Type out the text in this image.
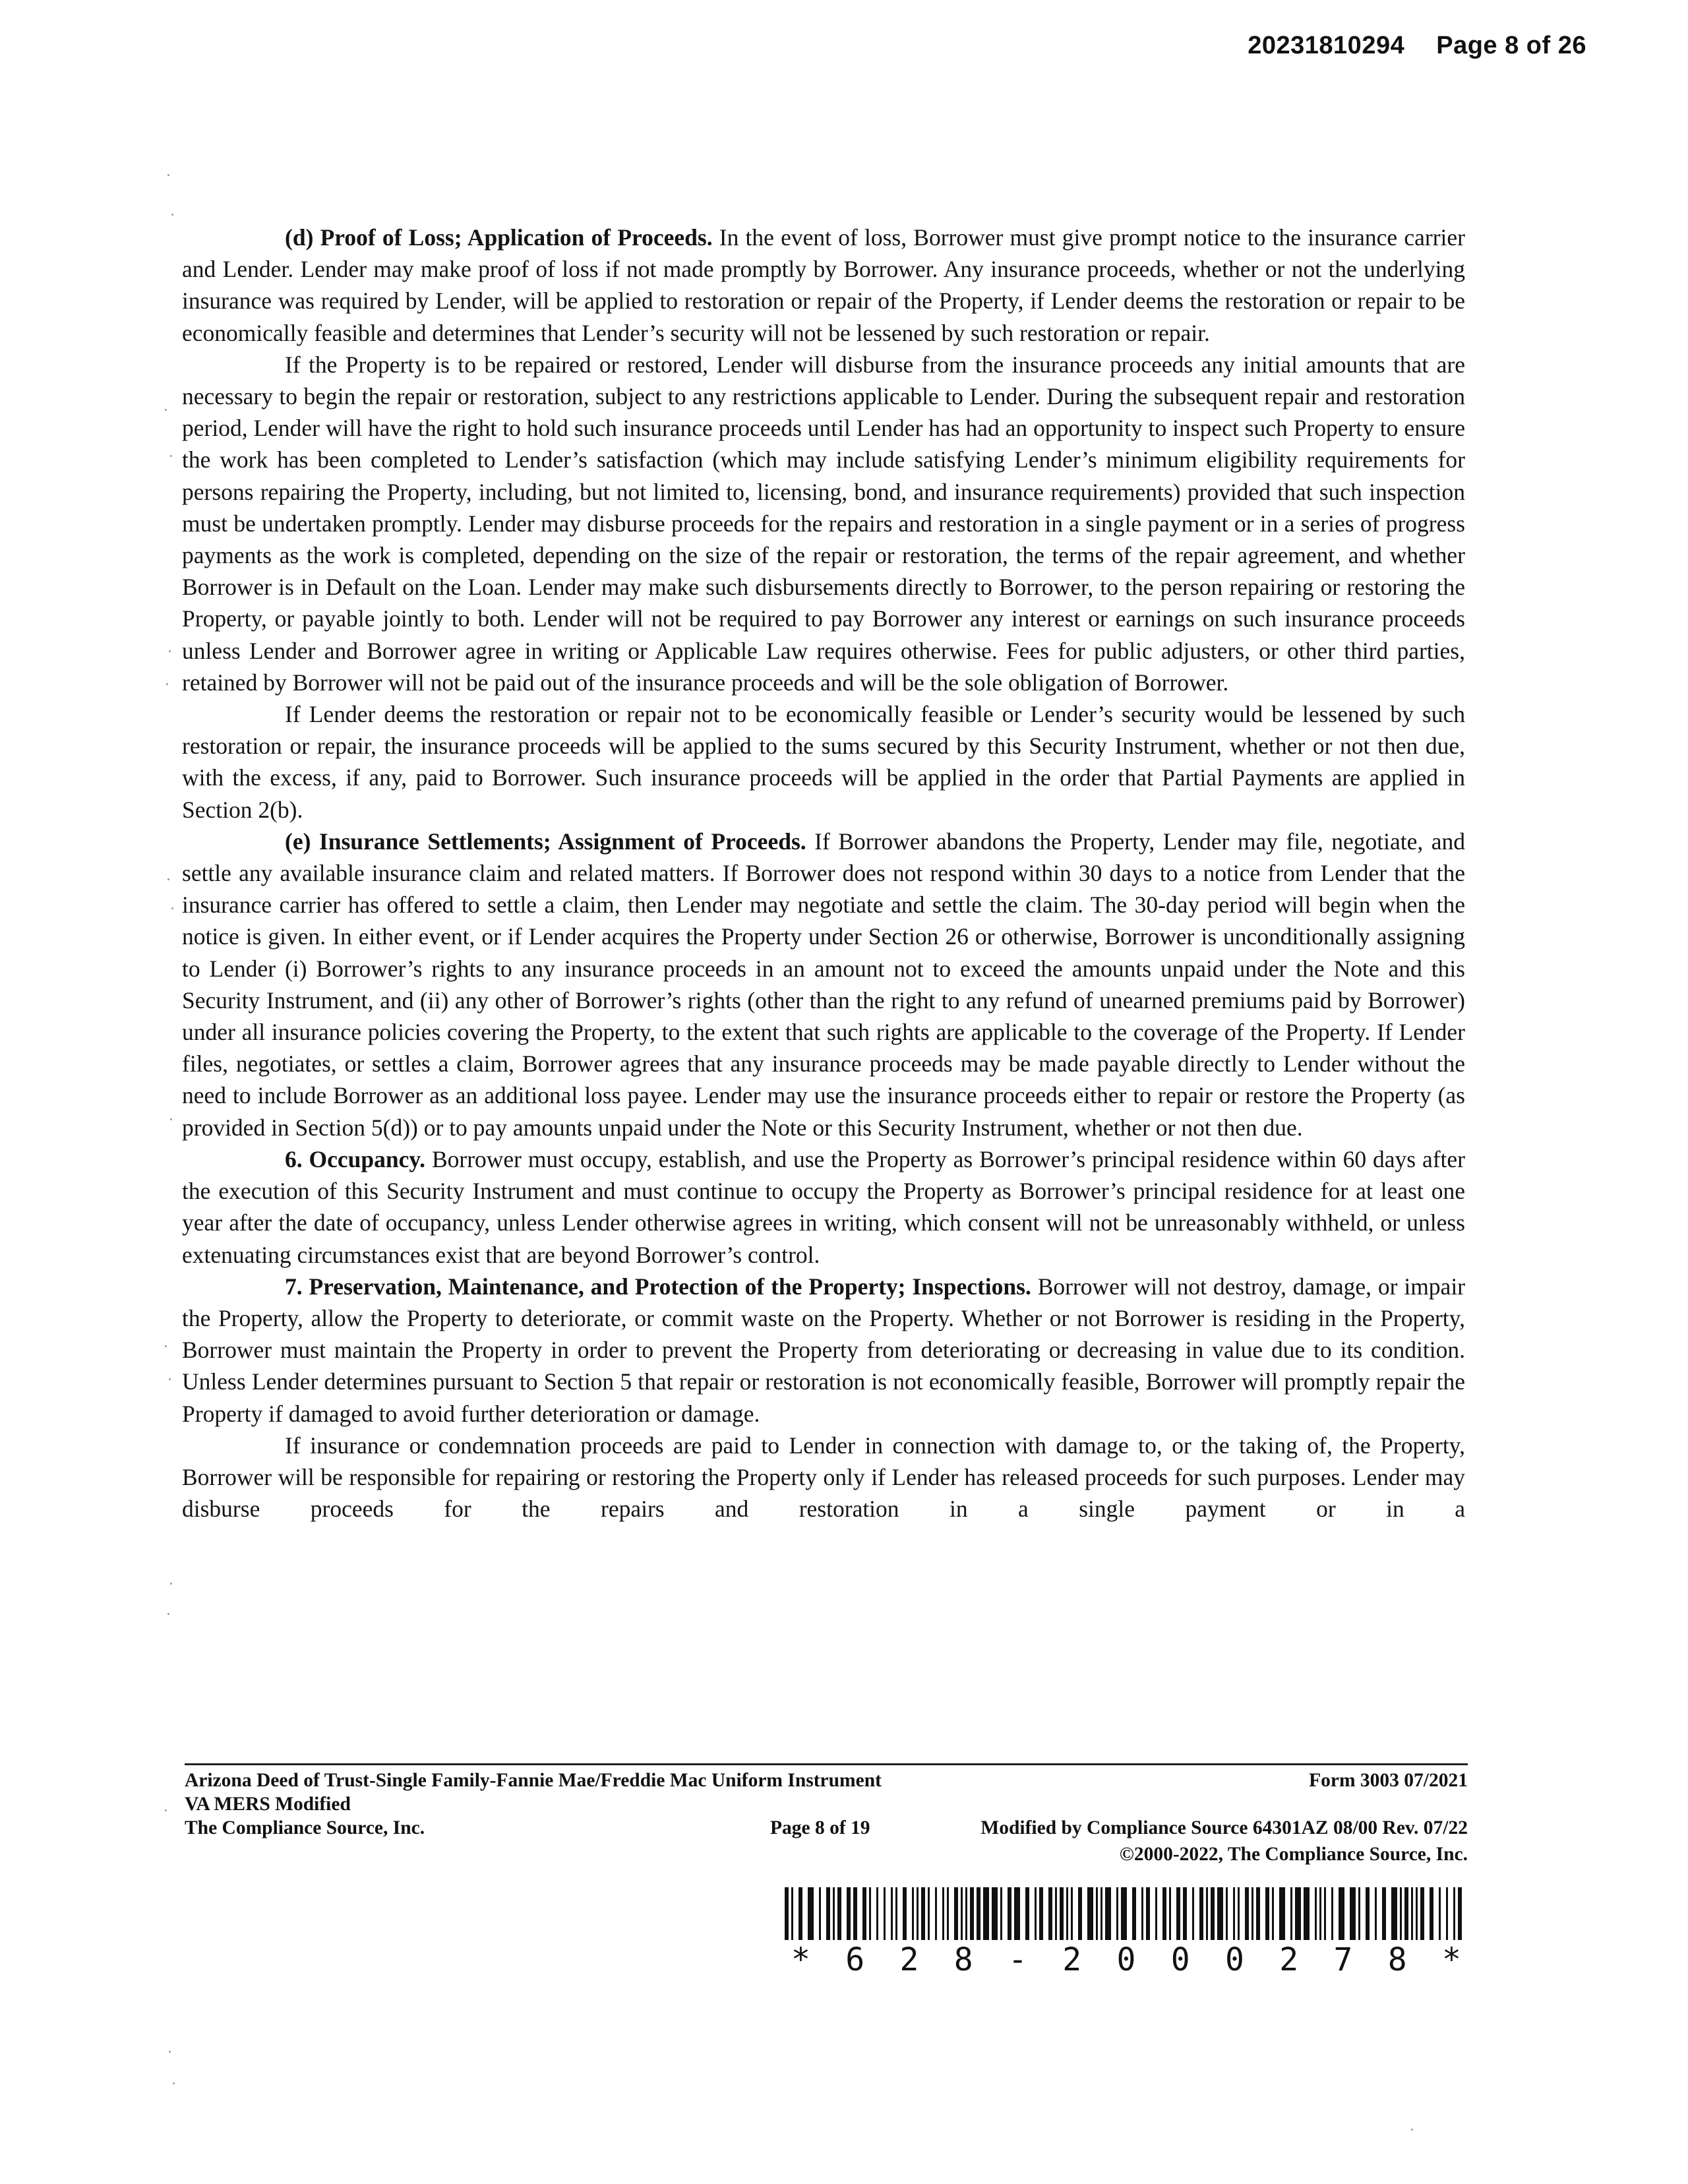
20231810294 Page 8 of 26

(d) Proof of Loss; Application of Proceeds. In the event of loss, Borrower must give prompt notice to the insurance carrier and Lender. Lender may make proof of loss if not made promptly by Borrower. Any insurance proceeds, whether or not the underlying insurance was required by Lender, will be applied to restoration or repair of the Property, if Lender deems the restoration or repair to be economically feasible and determines that Lender’s security will not be lessened by such restoration or repair.

If the Property is to be repaired or restored, Lender will disburse from the insurance proceeds any initial amounts that are necessary to begin the repair or restoration, subject to any restrictions applicable to Lender. During the subsequent repair and restoration period, Lender will have the right to hold such insurance proceeds until Lender has had an opportunity to inspect such Property to ensure the work has been completed to Lender’s satisfaction (which may include satisfying Lender’s minimum eligibility requirements for persons repairing the Property, including, but not limited to, licensing, bond, and insurance requirements) provided that such inspection must be undertaken promptly. Lender may disburse proceeds for the repairs and restoration in a single payment or in a series of progress payments as the work is completed, depending on the size of the repair or restoration, the terms of the repair agreement, and whether Borrower is in Default on the Loan. Lender may make such disbursements directly to Borrower, to the person repairing or restoring the Property, or payable jointly to both. Lender will not be required to pay Borrower any interest or earnings on such insurance proceeds unless Lender and Borrower agree in writing or Applicable Law requires otherwise. Fees for public adjusters, or other third parties, retained by Borrower will not be paid out of the insurance proceeds and will be the sole obligation of Borrower.

If Lender deems the restoration or repair not to be economically feasible or Lender’s security would be lessened by such restoration or repair, the insurance proceeds will be applied to the sums secured by this Security Instrument, whether or not then due, with the excess, if any, paid to Borrower. Such insurance proceeds will be applied in the order that Partial Payments are applied in Section 2(b).

(e) Insurance Settlements; Assignment of Proceeds. If Borrower abandons the Property, Lender may file, negotiate, and settle any available insurance claim and related matters. If Borrower does not respond within 30 days to a notice from Lender that the insurance carrier has offered to settle a claim, then Lender may negotiate and settle the claim. The 30-day period will begin when the notice is given. In either event, or if Lender acquires the Property under Section 26 or otherwise, Borrower is unconditionally assigning to Lender (i) Borrower’s rights to any insurance proceeds in an amount not to exceed the amounts unpaid under the Note and this Security Instrument, and (ii) any other of Borrower’s rights (other than the right to any refund of unearned premiums paid by Borrower) under all insurance policies covering the Property, to the extent that such rights are applicable to the coverage of the Property. If Lender files, negotiates, or settles a claim, Borrower agrees that any insurance proceeds may be made payable directly to Lender without the need to include Borrower as an additional loss payee. Lender may use the insurance proceeds either to repair or restore the Property (as provided in Section 5(d)) or to pay amounts unpaid under the Note or this Security Instrument, whether or not then due.

6. Occupancy. Borrower must occupy, establish, and use the Property as Borrower’s principal residence within 60 days after the execution of this Security Instrument and must continue to occupy the Property as Borrower’s principal residence for at least one year after the date of occupancy, unless Lender otherwise agrees in writing, which consent will not be unreasonably withheld, or unless extenuating circumstances exist that are beyond Borrower’s control.

7. Preservation, Maintenance, and Protection of the Property; Inspections. Borrower will not destroy, damage, or impair the Property, allow the Property to deteriorate, or commit waste on the Property. Whether or not Borrower is residing in the Property, Borrower must maintain the Property in order to prevent the Property from deteriorating or decreasing in value due to its condition. Unless Lender determines pursuant to Section 5 that repair or restoration is not economically feasible, Borrower will promptly repair the Property if damaged to avoid further deterioration or damage.

If insurance or condemnation proceeds are paid to Lender in connection with damage to, or the taking of, the Property, Borrower will be responsible for repairing or restoring the Property only if Lender has released proceeds for such purposes. Lender may disburse proceeds for the repairs and restoration in a single payment or in a

Arizona Deed of Trust-Single Family-Fannie Mae/Freddie Mac Uniform Instrument	Form 3003 07/2021
VA MERS Modified
The Compliance Source, Inc.	Page 8 of 19	Modified by Compliance Source 64301AZ 08/00 Rev. 07/22
©2000-2022, The Compliance Source, Inc.
* 6 2 8 - 2 0 0 0 2 7 8 *
